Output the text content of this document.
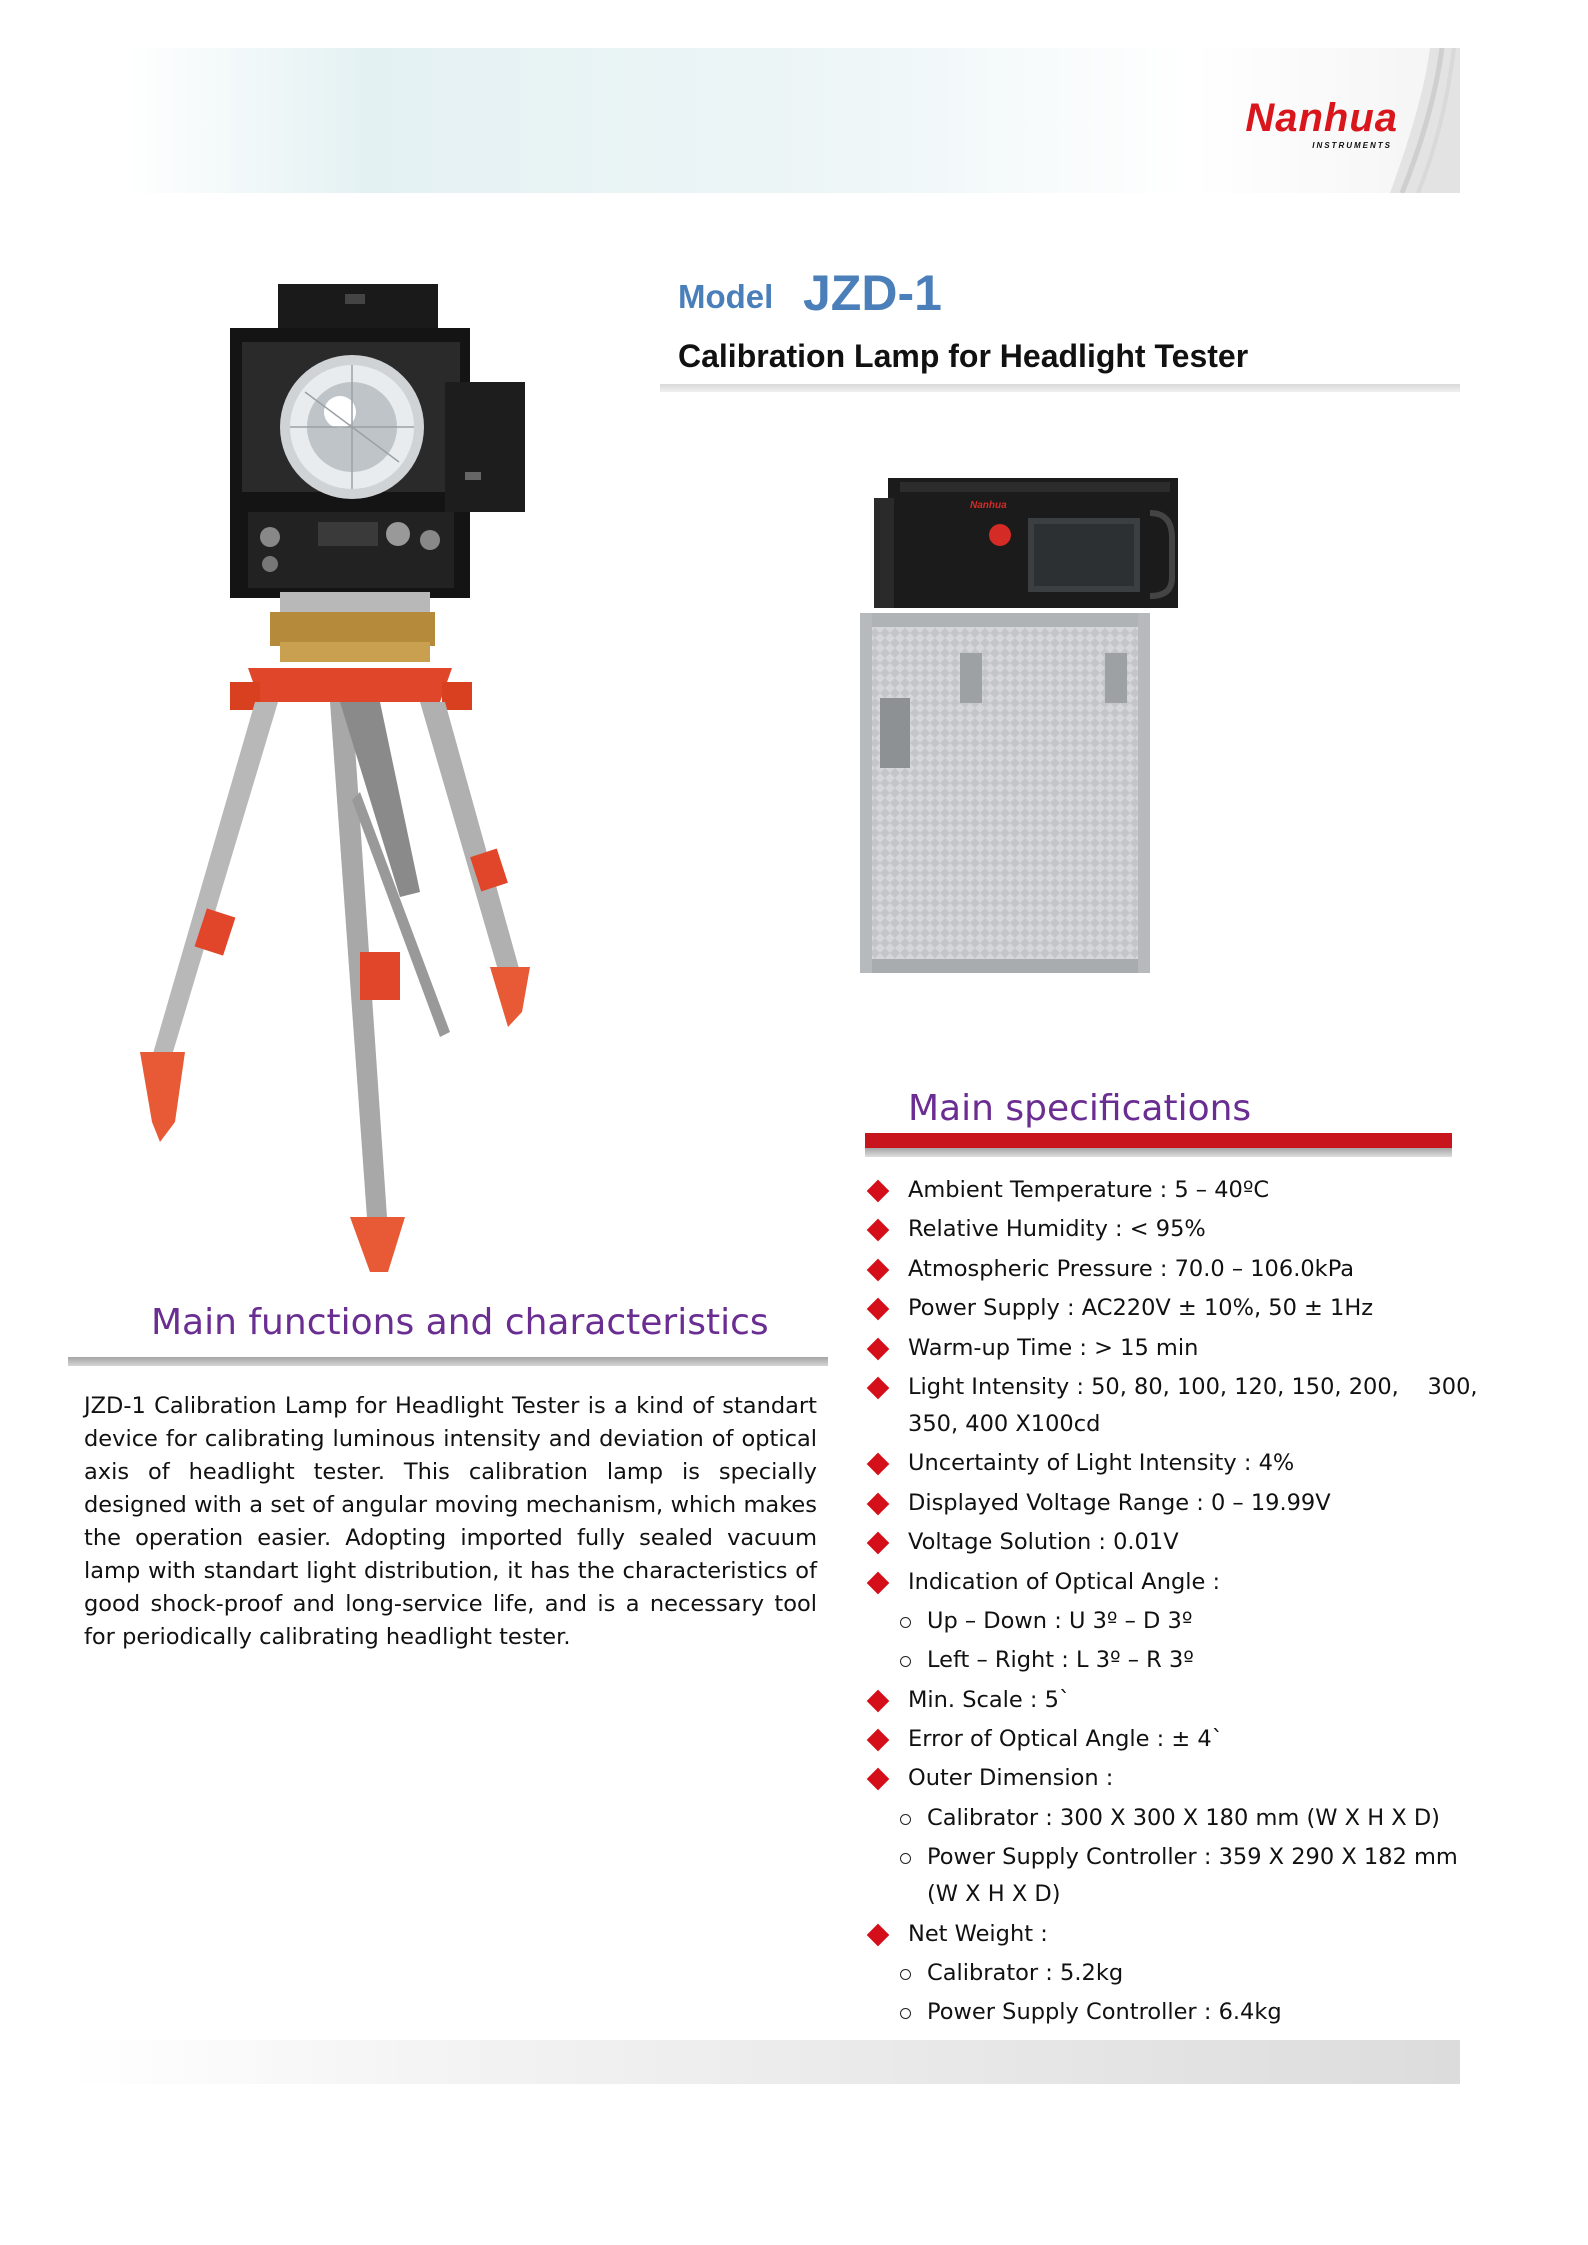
Nanhua
INSTRUMENTS
Model JZD-1
Calibration Lamp for Headlight Tester
Nanhua
Main functions and characteristics
JZD-1 Calibration Lamp for Headlight Tester is a kind of standart device for calibrating luminous intensity and deviation of optical axis of headlight tester. This calibration lamp is specially designed with a set of angular moving mechanism, which makes the operation easier. Adopting imported fully sealed vacuum lamp with standart light distribution, it has the characteristics of good shock-proof and long-service life, and is a necessary tool for periodically calibrating headlight tester.
Main specifications
Ambient Temperature : 5 – 40ºC
Relative Humidity : < 95%
Atmospheric Pressure : 70.0 – 106.0kPa
Power Supply : AC220V ± 10%, 50 ± 1Hz
Warm-up Time : > 15 min
Light Intensity : 50, 80, 100, 120, 150, 200,    300,
350, 400 X100cd
Uncertainty of Light Intensity : 4%
Displayed Voltage Range : 0 – 19.99V
Voltage Solution : 0.01V
Indication of Optical Angle :
Up – Down : U 3º – D 3º
Left – Right : L 3º – R 3º
Min. Scale : 5`
Error of Optical Angle : ± 4`
Outer Dimension :
Calibrator : 300 X 300 X 180 mm (W X H X D)
Power Supply Controller : 359 X 290 X 182 mm
(W X H X D)
Net Weight :
Calibrator : 5.2kg
Power Supply Controller : 6.4kg
